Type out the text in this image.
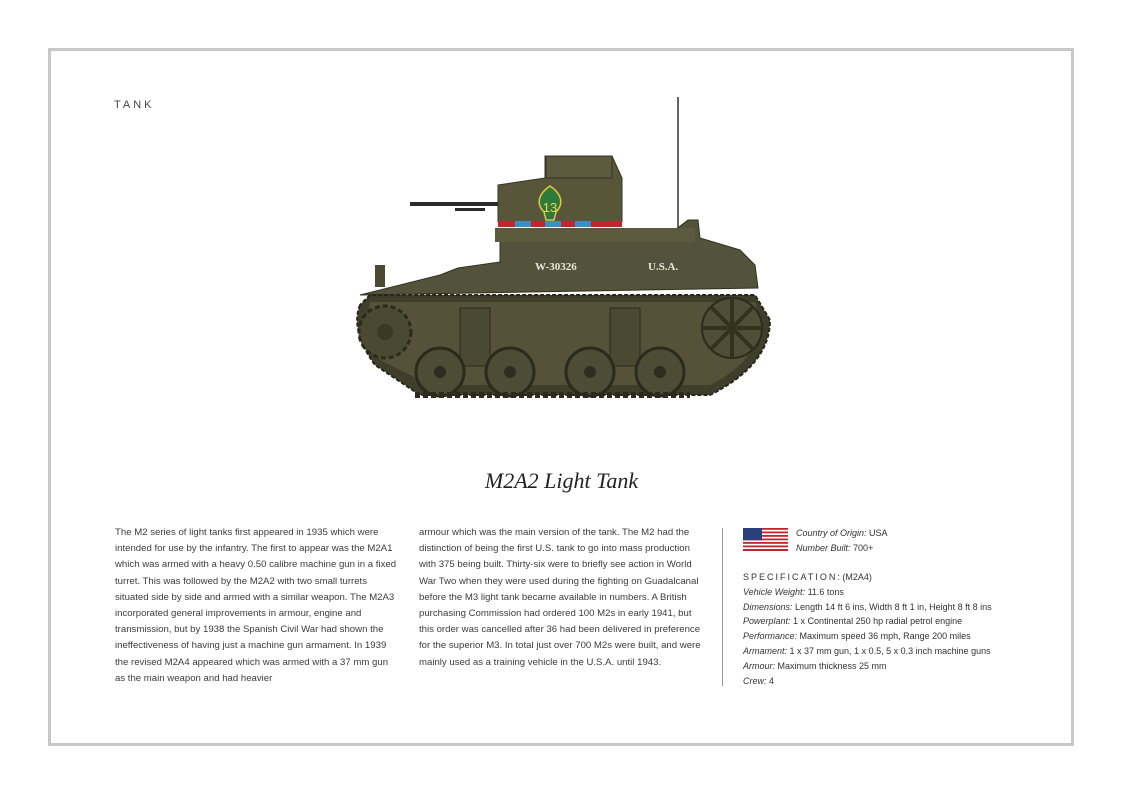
TANK
13
W-30326	U.S.A.
M2A2 Light Tank
The M2 series of light tanks first appeared in 1935 which were intended for use by the infantry. The first to appear was the M2A1 which was armed with a heavy 0.50 calibre machine gun in a fixed turret. This was followed by the M2A2 with two small turrets situated side by side and armed with a similar weapon. The M2A3 incorporated general improvements in armour, engine and transmission, but by 1938 the Spanish Civil War had shown the ineffectiveness of having just a machine gun armament. In 1939 the revised M2A4 appeared which was armed with a 37 mm gun as the main weapon and had heavier
armour which was the main version of the tank. The M2 had the distinction of being the first U.S. tank to go into mass production with 375 being built. Thirty-six were to briefly see action in World War Two when they were used during the fighting on Guadalcanal before the M3 light tank became available in numbers. A British purchasing Commission had ordered 100 M2s in early 1941, but this order was cancelled after 36 had been delivered in preference for the superior M3. In total just over 700 M2s were built, and were mainly used as a training vehicle in the U.S.A. until 1943.
Country of Origin: USA
Number Built: 700+
SPECIFICATION: (M2A4)
Vehicle Weight: 11.6 tons
Dimensions: Length 14 ft 6 ins, Width 8 ft 1 in, Height 8 ft 8 ins
Powerplant: 1 x Continental 250 hp radial petrol engine
Performance: Maximum speed 36 mph, Range 200 miles
Armament: 1 x 37 mm gun, 1 x 0.5, 5 x 0.3 inch machine guns
Armour: Maximum thickness 25 mm
Crew: 4
